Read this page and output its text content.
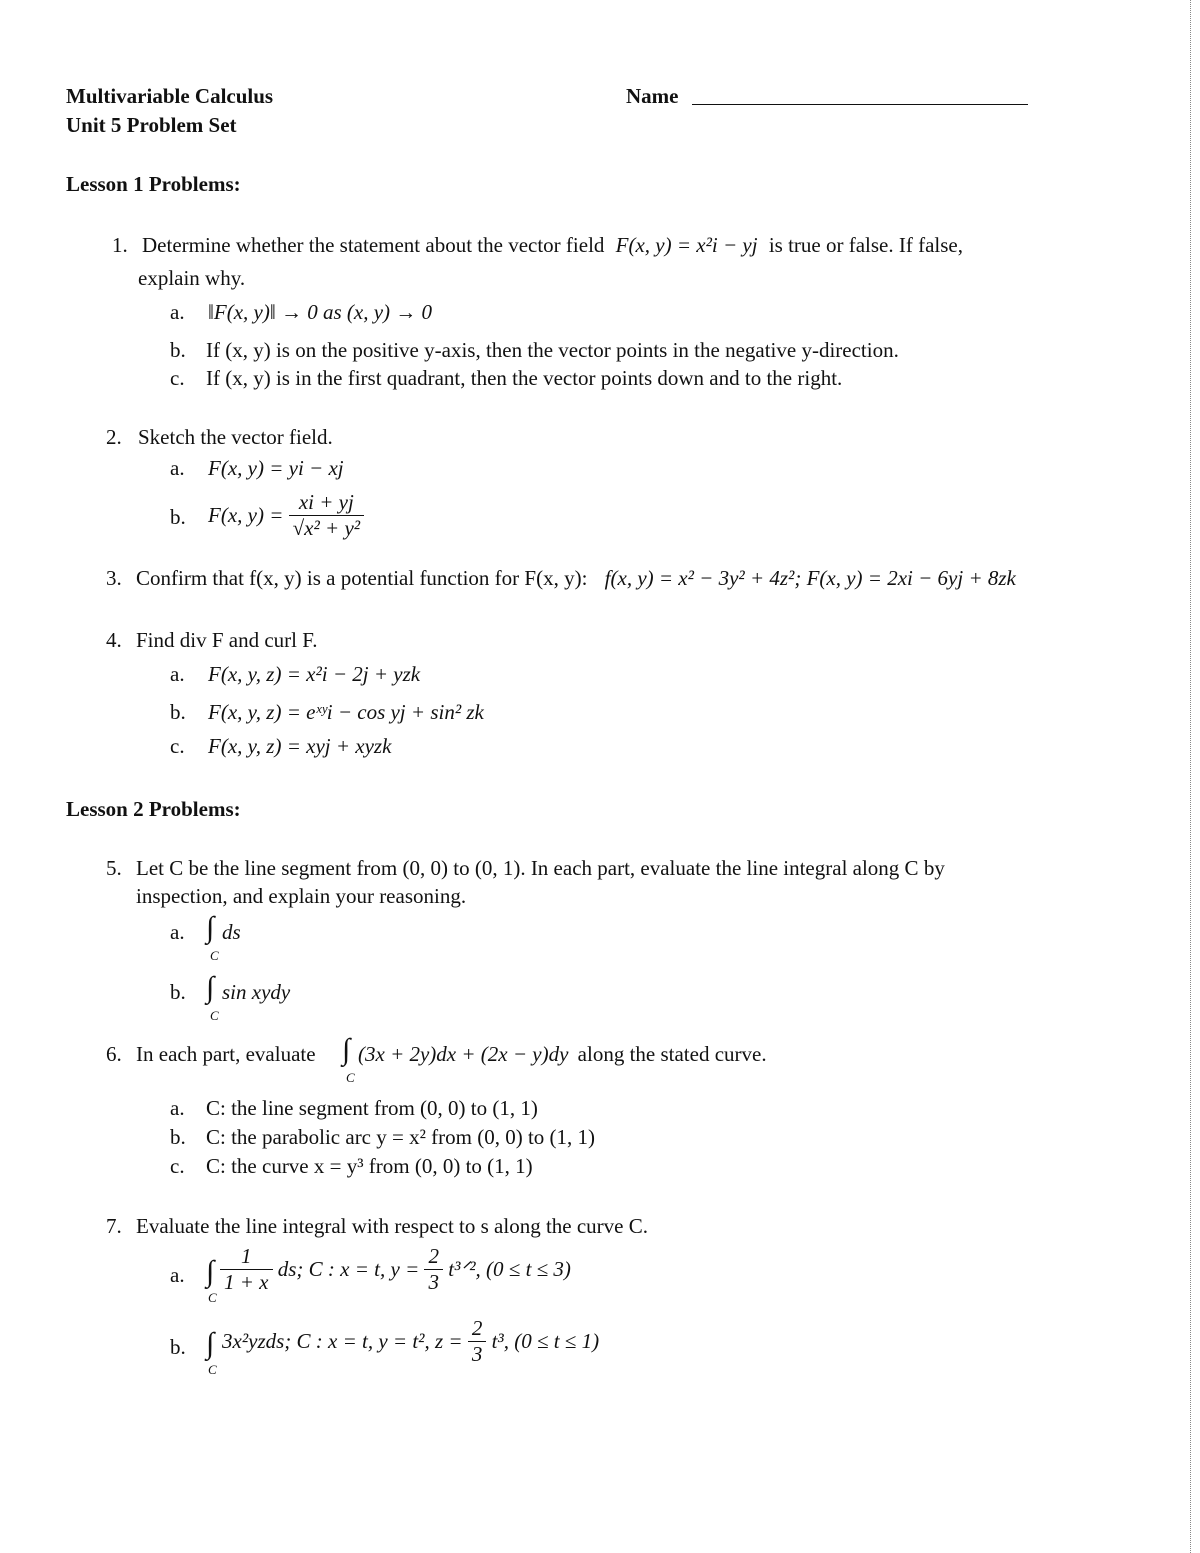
Multivariable Calculus
Unit 5 Problem Set
Name
Lesson 1 Problems:
1. Determine whether the statement about the vector field F(x, y) = x²i − yj is true or false. If false,
explain why.
a. ‖F(x, y)‖ → 0 as (x, y) → 0
b. If (x, y) is on the positive y-axis, then the vector points in the negative y-direction.
c. If (x, y) is in the first quadrant, then the vector points down and to the right.
2. Sketch the vector field.
a. F(x, y) = yi − xj
b. F(x, $y) = \frac{xi + yj}{\text{√x² + y²}}$
3. Confirm that f(x, y) is a potential function for F(x, y): f(x, y) = x² − 3y² + 4z²; F(x, y) = 2xi − 6yj + 8zk
4. Find div F and curl F.
a. F(x, y, z) = x²i − 2j + yzk
b. F(x, y, z) = eˣʸi − cos yj + sin² zk
c. F(x, y, z) = xyj + xyzk
Lesson 2 Problems:
5. Let C be the line segment from (0, 0) to (0, 1). In each part, evaluate the line integral along C by
inspection, and explain your reasoning.
a. ∫
C
ds
b. ∫
C
sin xydy
6. In each part, evaluate ∫
C
(3x + 2y)dx + (2x − y)dy along the stated curve.
a. C: the line segment from (0, 0) to (1, 1)
b. C: the parabolic arc y = x² from (0, 0) to (1, 1)
c. C: the curve x = y³ from (0, 0) to (1, 1)
7. Evaluate the line integral with respect to s along the curve C.
a. ∫
C
$\frac{1}{1 + x}$ ds; C : x = t, $y = \frac{2}{3}$ t³ᐟ², (0 ≤ t ≤ 3)
b. ∫
C
3x²yzds; C : x = t, y = t², $z = \frac{2}{3} t^3$, (0 ≤ t ≤ 1)
